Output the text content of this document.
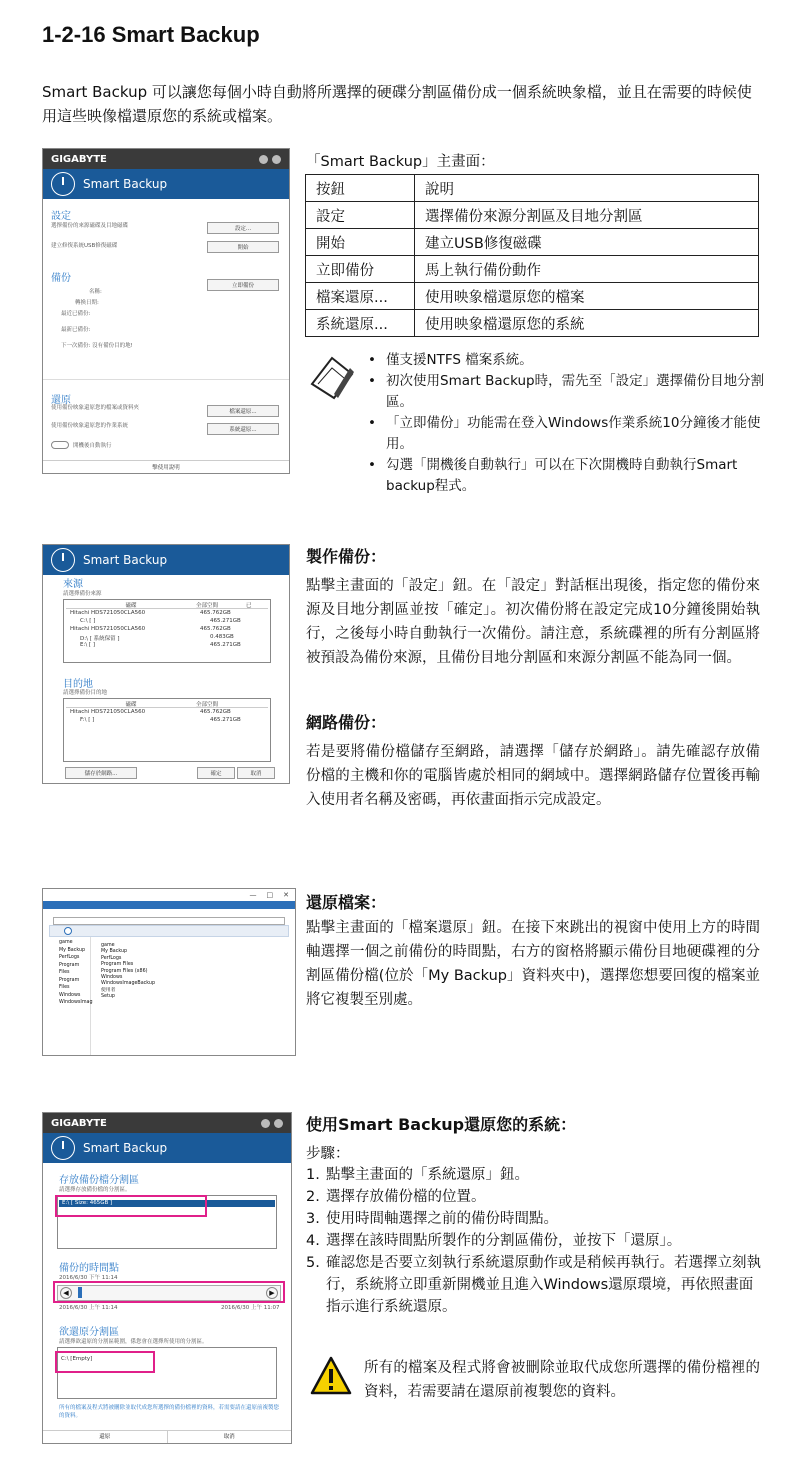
1-2-16 Smart Backup
Smart Backup 可以讓您每個小時自動將所選擇的硬碟分割區備份成一個系統映象檔，並且在需要的時候使用這些映像檔還原您的系統或檔案。
GIGABYTE
Smart Backup
設定
選擇備份的來源磁碟及目地磁碟	設定...
建立修復系統USB修復磁碟	開始
備份
立即備份
名稱:
轉換日期:
最近已備份:
最新已備份:
下一次備份: 沒有備份目的地!
還原
使用備份映象還原您的檔案或資料夾
檔案還原...
使用備份映象還原您的作業系統
系統還原...
開機後自動執行
擊使用說明
「Smart Backup」主畫面：
按鈕	說明
設定	選擇備份來源分割區及目地分割區
開始	建立USB修復磁碟
立即備份	馬上執行備份動作
檔案還原...	使用映象檔還原您的檔案
系統還原...	使用映象檔還原您的系統
• 僅支援NTFS 檔案系統。
• 初次使用Smart Backup時，需先至「設定」選擇備份目地分割區。
• 「立即備份」功能需在登入Windows作業系統10分鐘後才能使用。
• 勾選「開機後自動執行」可以在下次開機時自動執行Smart backup程式。
Smart Backup
來源
請選擇備份來源
磁碟	全部空間	已
Hitachi HDS721050CLA560	465.762GB
C:\ [ ]	465.271GB
Hitachi HDS721050CLA560	465.762GB
D:\ [ 系統保留 ]	0.483GB
E:\ [ ]	465.271GB
目的地
請選擇備份目的地
磁碟	全部空間
Hitachi HDS721050CLA560	465.762GB
F:\ [ ]	465.271GB
儲存於網路...	確定	取消
製作備份：
點擊主畫面的「設定」鈕。在「設定」對話框出現後，指定您的備份來源及目地分割區並按「確定」。初次備份將在設定完成10分鐘後開始執行，之後每小時自動執行一次備份。請注意，系統碟裡的所有分割區將被預設為備份來源，且備份目地分割區和來源分割區不能為同一個。
網路備份：
若是要將備份檔儲存至網路，請選擇「儲存於網路」。請先確認存放備份檔的主機和你的電腦皆處於相同的網域中。選擇網路儲存位置後再輸入使用者名稱及密碼，再依畫面指示完成設定。
— □ ✕
game
My Backup
PerfLogs
Program Files
Program Files
Windows
WindowsImag
game
My Backup
PerfLogs
Program Files
Program Files (x86)
Windows
WindowsImageBackup
使用者
Setup
還原檔案：
點擊主畫面的「檔案還原」鈕。在接下來跳出的視窗中使用上方的時間軸選擇一個之前備份的時間點，右方的窗格將顯示備份目地硬碟裡的分割區備份檔(位於「My Backup」資料夾中)，選擇您想要回復的檔案並將它複製至別處。
GIGABYTE
Smart Backup
存放備份檔分割區
請選擇存放備份檔的分割區。
E:\ [ Size: 465GB ]
備份的時間點
2016/6/30 下午 11:14
◀	▶
2016/6/30 上午 11:14	2016/6/30 上午 11:07
欲還原分割區
請選擇欲還原的分割區範圍，係您會在選擇所使用的分割區。
C:\ [Empty]
所有的檔案及程式將被刪除並取代成您所選擇的備份檔裡的資料，若需要請在還原前複製您的資料。
還原	取消
使用Smart Backup還原您的系統：
步驟：
1. 點擊主畫面的「系統還原」鈕。
2. 選擇存放備份檔的位置。
3. 使用時間軸選擇之前的備份時間點。
4. 選擇在該時間點所製作的分割區備份，並按下「還原」。
5. 確認您是否要立刻執行系統還原動作或是稍候再執行。若選擇立刻執行，系統將立即重新開機並且進入Windows還原環境，再依照畫面指示進行系統還原。
所有的檔案及程式將會被刪除並取代成您所選擇的備份檔裡的資料，若需要請在還原前複製您的資料。
